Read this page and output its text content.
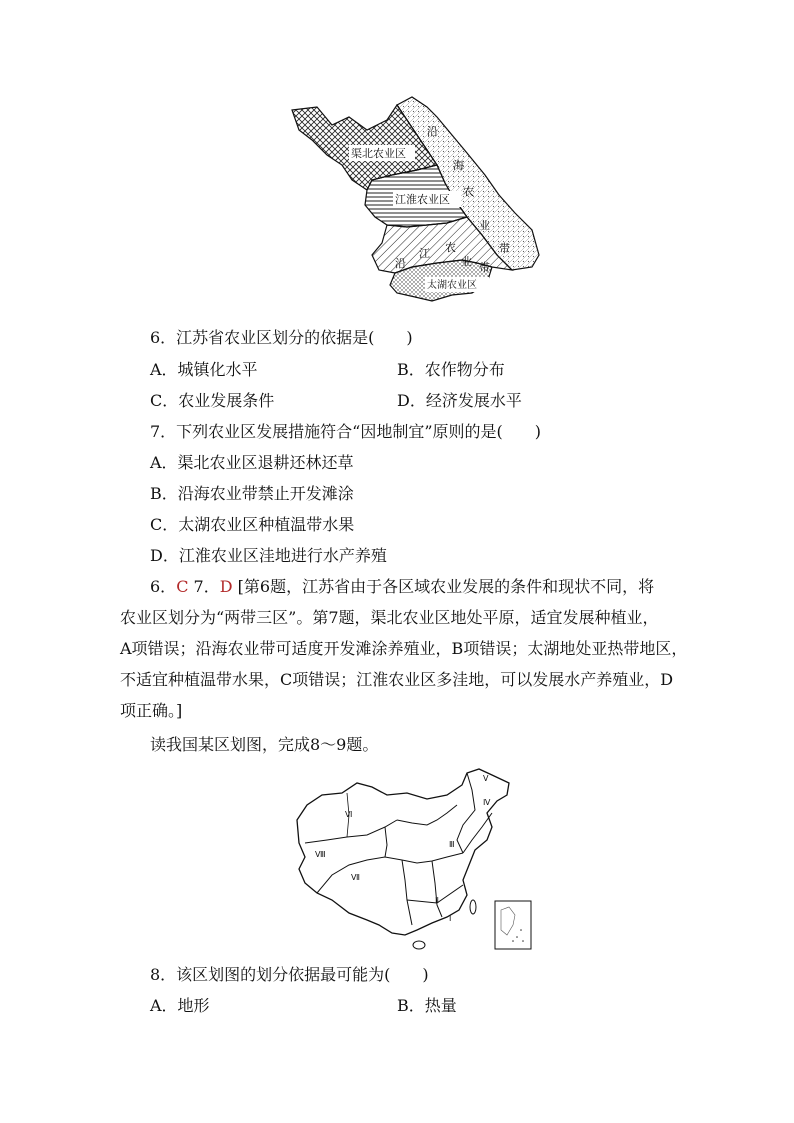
渠北农业区
江淮农业区
太湖农业区
沿
海
农
业
带
沿
江 农
业 带
6．江苏省农业区划分的依据是(　　)
A．城镇化水平	B．农作物分布
C．农业发展条件	D．经济发展水平
7．下列农业区发展措施符合“因地制宜”原则的是(　　)
A．渠北农业区退耕还林还草
B．沿海农业带禁止开发滩涂
C．太湖农业区种植温带水果
D．江淮农业区洼地进行水产养殖
6．C 7．D [第6题，江苏省由于各区域农业发展的条件和现状不同，将
农业区划分为“两带三区”。第7题，渠北农业区地处平原，适宜发展种植业，
A项错误；沿海农业带可适度开发滩涂养殖业，B项错误；太湖地处亚热带地区，
不适宜种植温带水果，C项错误；江淮农业区多洼地，可以发展水产养殖业，D
项正确。]
读我国某区划图，完成8～9题。
Ⅴ
Ⅳ
Ⅵ
Ⅲ
Ⅷ
Ⅶ
Ⅱ
Ⅰ
8．该区划图的划分依据最可能为(　　)
A．地形	B．热量
